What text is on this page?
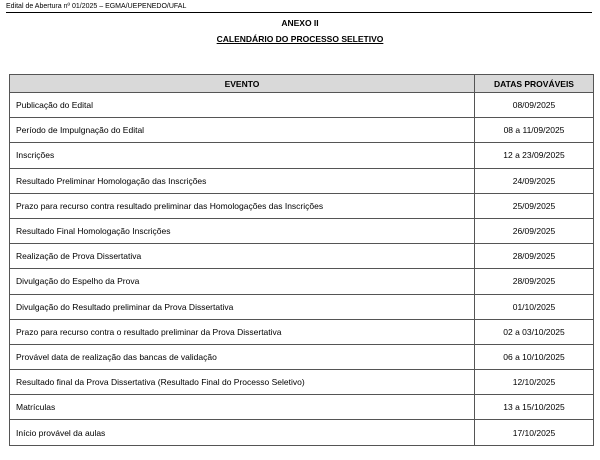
Edital de Abertura nº 01/2025 – EGMA/UEPENEDO/UFAL
ANEXO II
CALENDÁRIO DO PROCESSO SELETIVO
EVENTO	DATAS PROVÁVEIS
Publicação do Edital	08/09/2025
Período de Impulgnação do Edital	08 a 11/09/2025
Inscrições	12 a 23/09/2025
Resultado Preliminar Homologação das Inscrições	24/09/2025
Prazo para recurso contra resultado preliminar das Homologações das Inscrições	25/09/2025
Resultado Final Homologação Inscrições	26/09/2025
Realização de Prova Dissertativa	28/09/2025
Divulgação do Espelho da Prova	28/09/2025
Divulgação do Resultado preliminar da Prova Dissertativa	01/10/2025
Prazo para recurso contra o resultado preliminar da Prova Dissertativa	02 a 03/10/2025
Provável data de realização das bancas de validação	06 a 10/10/2025
Resultado final da Prova Dissertativa (Resultado Final do Processo Seletivo)	12/10/2025
Matrículas	13 a 15/10/2025
Início provável da aulas	17/10/2025
